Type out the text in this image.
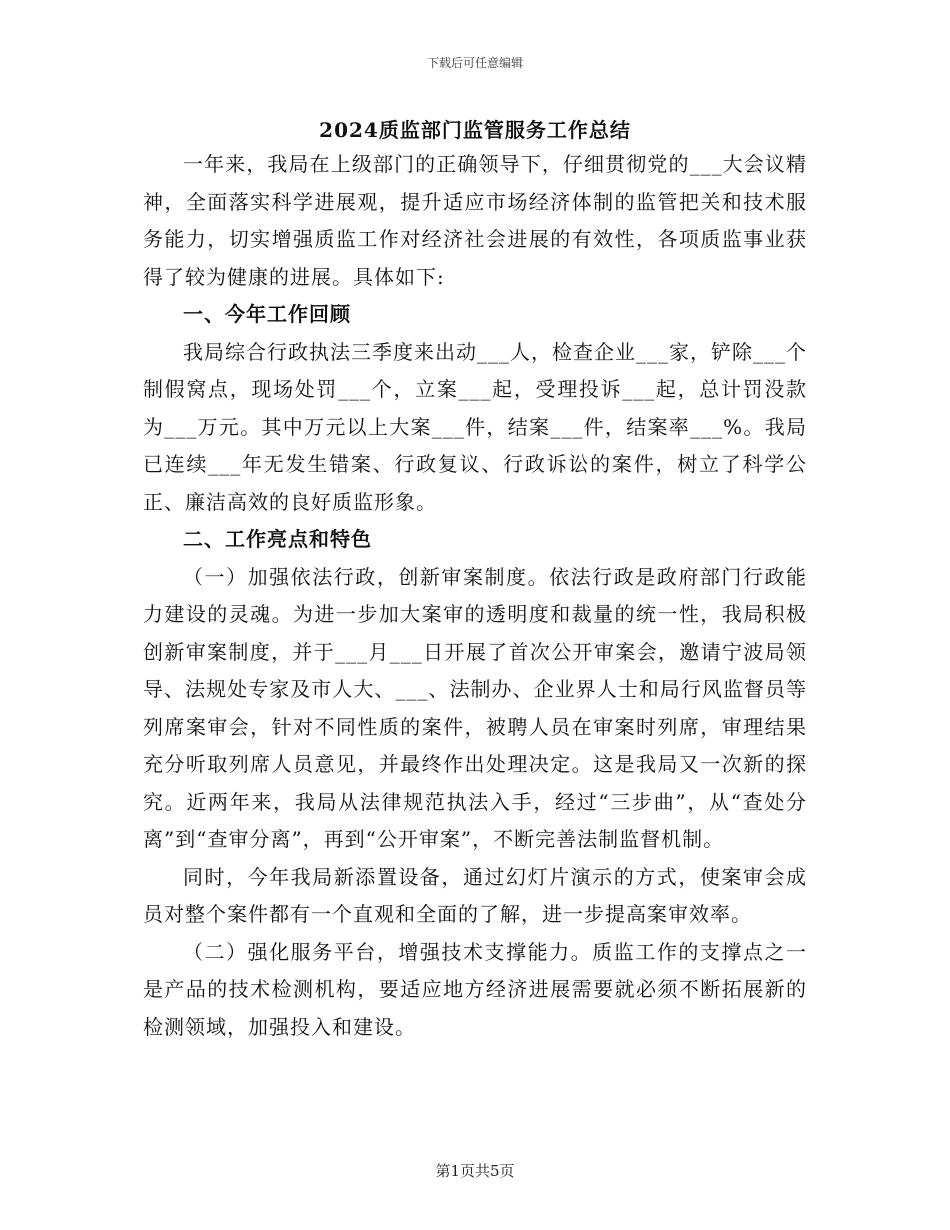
下载后可任意编辑
2024质监部门监管服务工作总结

一年来，我局在上级部门的正确领导下，仔细贯彻党的___大会议精神，全面落实科学进展观，提升适应市场经济体制的监管把关和技术服务能力，切实增强质监工作对经济社会进展的有效性，各项质监事业获得了较为健康的进展。具体如下:

一、今年工作回顾

我局综合行政执法三季度来出动___人，检查企业___家，铲除___个制假窝点，现场处罚___个，立案___起，受理投诉___起，总计罚没款为___万元。其中万元以上大案___件，结案___件，结案率___%。我局已连续___年无发生错案、行政复议、行政诉讼的案件，树立了科学公正、廉洁高效的良好质监形象。

二、工作亮点和特色

（一）加强依法行政，创新审案制度。依法行政是政府部门行政能力建设的灵魂。为进一步加大案审的透明度和裁量的统一性，我局积极创新审案制度，并于___月___日开展了首次公开审案会，邀请宁波局领导、法规处专家及市人大、___、法制办、企业界人士和局行风监督员等列席案审会，针对不同性质的案件，被聘人员在审案时列席，审理结果充分听取列席人员意见，并最终作出处理决定。这是我局又一次新的探究。近两年来，我局从法律规范执法入手，经过“三步曲”，从“查处分离”到“查审分离”，再到“公开审案”，不断完善法制监督机制。

同时，今年我局新添置设备，通过幻灯片演示的方式，使案审会成员对整个案件都有一个直观和全面的了解，进一步提高案审效率。

（二）强化服务平台，增强技术支撑能力。质监工作的支撑点之一是产品的技术检测机构，要适应地方经济进展需要就必须不断拓展新的检测领域，加强投入和建设。

第1页共5页
